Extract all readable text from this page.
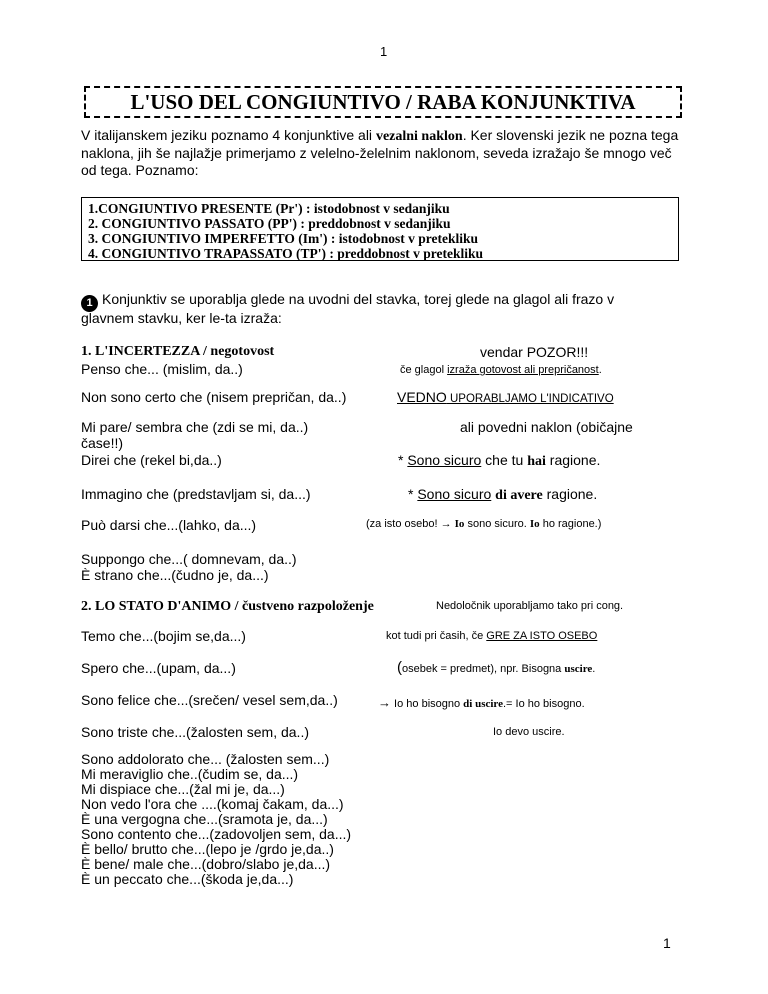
1
L'USO DEL CONGIUNTIVO / RABA KONJUNKTIVA
V italijanskem jeziku poznamo 4 konjunktive ali vezalni naklon. Ker slovenski jezik ne pozna tega naklona, jih še najlažje primerjamo z velelno-želelnim naklonom, seveda izražajo še mnogo več od tega. Poznamo:
1.CONGIUNTIVO PRESENTE (Pr') : istodobnost v sedanjiku
2. CONGIUNTIVO PASSATO (PP') : preddobnost v sedanjiku
3. CONGIUNTIVO IMPERFETTO (Im') : istodobnost v pretekliku
4. CONGIUNTIVO TRAPASSATO (TP') : preddobnost v pretekliku
1 Konjunktiv se uporablja glede na uvodni del stavka, torej glede na glagol ali frazo v
glavnem stavku, ker le-ta izraža:
1. L'INCERTEZZA / negotovost
Penso che... (mislim, da..)
Non sono certo che (nisem prepričan, da..)
Mi pare/ sembra che (zdi se mi, da..)
čase!!)
Direi che (rekel bi,da..)
Immagino che (predstavljam si, da...)
Può darsi che...(lahko, da...)
Suppongo che...( domnevam, da..)
È strano che...(čudno je, da...)
vendar POZOR!!!
če glagol izraža gotovost ali prepričanost.
VEDNO UPORABLJAMO L'INDICATIVO
ali povedni naklon (običajne
* Sono sicuro che tu hai ragione.
* Sono sicuro di avere ragione.
(za isto osebo! → Io sono sicuro. Io ho ragione.)
2. LO STATO D'ANIMO / čustveno razpoloženje	Nedoločnik uporabljamo tako pri cong.
Temo che...(bojim se,da...)
Spero che...(upam, da...)
Sono felice che...(srečen/ vesel sem,da..)
Sono triste che...(žalosten sem, da..)
kot tudi pri časih, če GRE ZA ISTO OSEBO
(osebek = predmet), npr. Bisogna uscire.
→ Io ho bisogno di uscire.= Io ho bisogno.
Io devo uscire.
Sono addolorato che... (žalosten sem...)
Mi meraviglio che..(čudim se, da...)
Mi dispiace che...(žal mi je, da...)
Non vedo l'ora che ....(komaj čakam, da...)
È una vergogna che...(sramota je, da...)
Sono contento che...(zadovoljen sem, da...)
È bello/ brutto che...(lepo je /grdo je,da..)
È bene/ male che...(dobro/slabo je,da...)
È un peccato che...(škoda je,da...)
1
